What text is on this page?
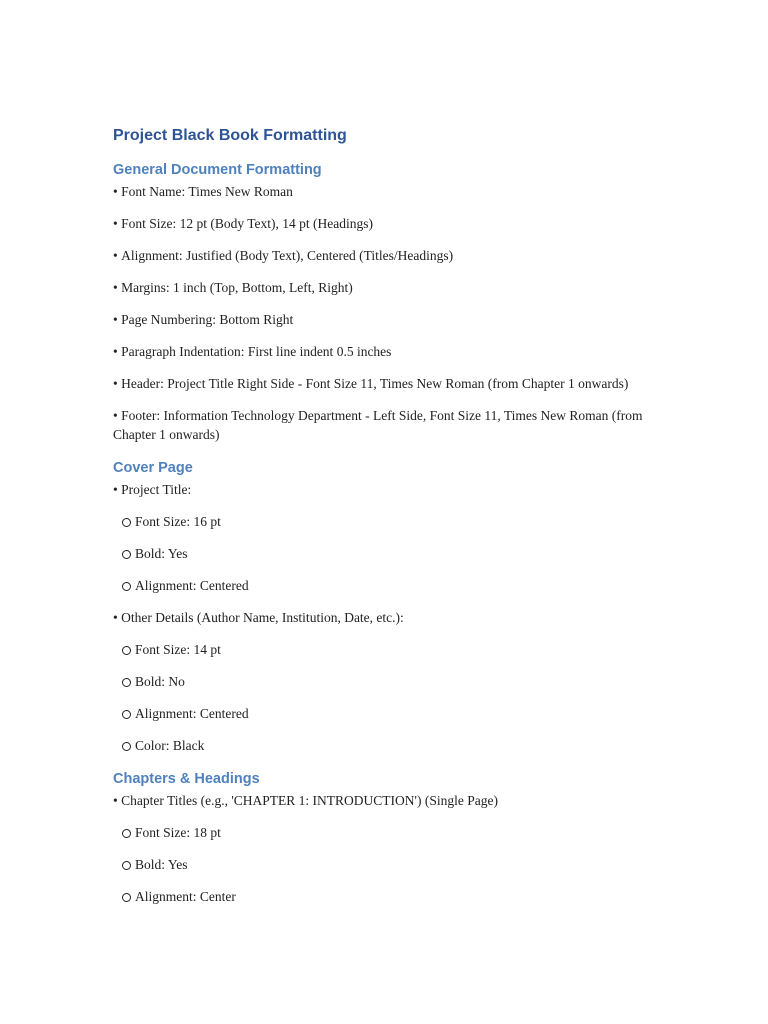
Project Black Book Formatting
General Document Formatting

• Font Name: Times New Roman

• Font Size: 12 pt (Body Text), 14 pt (Headings)

• Alignment: Justified (Body Text), Centered (Titles/Headings)

• Margins: 1 inch (Top, Bottom, Left, Right)

• Page Numbering: Bottom Right

• Paragraph Indentation: First line indent 0.5 inches

• Header: Project Title Right Side - Font Size 11, Times New Roman (from Chapter 1 onwards)

• Footer: Information Technology Department - Left Side, Font Size 11, Times New Roman (from Chapter 1 onwards)

Cover Page

• Project Title:

Font Size: 16 pt

Bold: Yes

Alignment: Centered

• Other Details (Author Name, Institution, Date, etc.):

Font Size: 14 pt

Bold: No

Alignment: Centered

Color: Black

Chapters & Headings

• Chapter Titles (e.g., 'CHAPTER 1: INTRODUCTION') (Single Page)

Font Size: 18 pt

Bold: Yes

Alignment: Center
